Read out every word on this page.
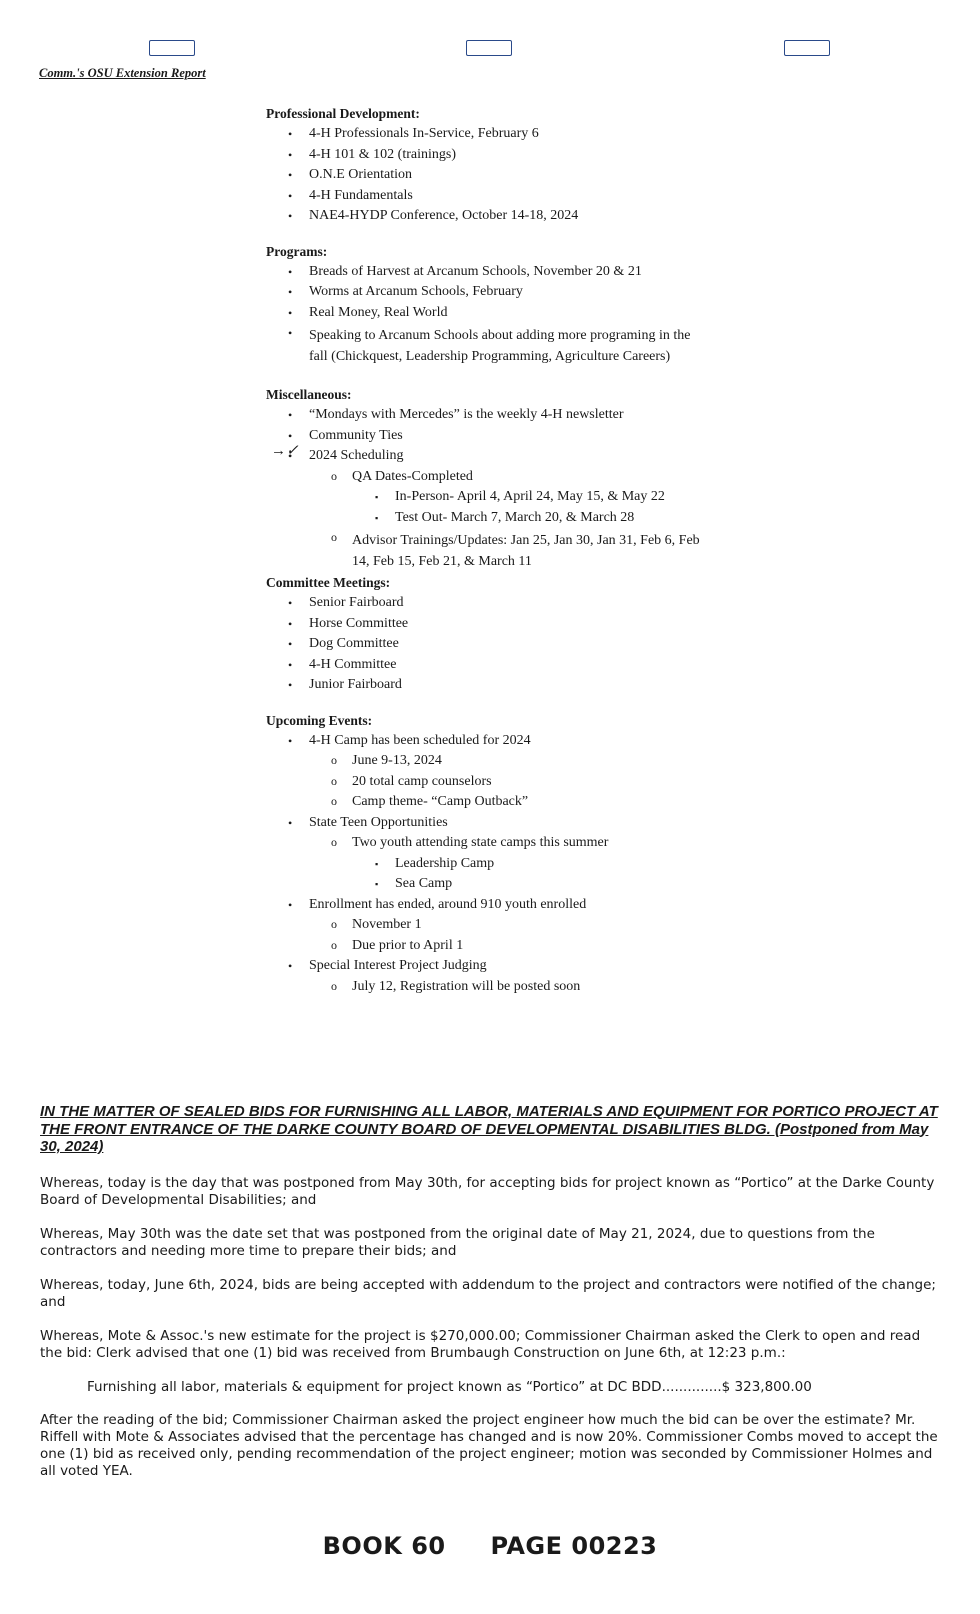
Comm.'s OSU Extension Report
→✓
Professional Development:
• 4-H Professionals In-Service, February 6
• 4-H 101 & 102 (trainings)
• O.N.E Orientation
• 4-H Fundamentals
• NAE4-HYDP Conference, October 14-18, 2024
Programs:
• Breads of Harvest at Arcanum Schools, November 20 & 21
• Worms at Arcanum Schools, February
• Real Money, Real World
• Speaking to Arcanum Schools about adding more programing in the fall (Chickquest, Leadership Programming, Agriculture Careers)
Miscellaneous:
• “Mondays with Mercedes” is the weekly 4-H newsletter
• Community Ties
• 2024 Scheduling
o QA Dates-Completed
▪ In-Person- April 4, April 24, May 15, & May 22
▪ Test Out- March 7, March 20, & March 28
o Advisor Trainings/Updates: Jan 25, Jan 30, Jan 31, Feb 6, Feb 14, Feb 15, Feb 21, & March 11
Committee Meetings:
• Senior Fairboard
• Horse Committee
• Dog Committee
• 4-H Committee
• Junior Fairboard
Upcoming Events:
• 4-H Camp has been scheduled for 2024
o June 9-13, 2024
o 20 total camp counselors
o Camp theme- “Camp Outback”
• State Teen Opportunities
o Two youth attending state camps this summer
▪ Leadership Camp
▪ Sea Camp
• Enrollment has ended, around 910 youth enrolled
o November 1
o Due prior to April 1
• Special Interest Project Judging
o July 12, Registration will be posted soon
IN THE MATTER OF SEALED BIDS FOR FURNISHING ALL LABOR, MATERIALS AND EQUIPMENT FOR PORTICO PROJECT AT THE FRONT ENTRANCE OF THE DARKE COUNTY BOARD OF DEVELOPMENTAL DISABILITIES BLDG. (Postponed from May 30, 2024)
Whereas, today is the day that was postponed from May 30th, for accepting bids for project known as “Portico” at the Darke County Board of Developmental Disabilities; and
Whereas, May 30th was the date set that was postponed from the original date of May 21, 2024, due to questions from the contractors and needing more time to prepare their bids; and
Whereas, today, June 6th, 2024, bids are being accepted with addendum to the project and contractors were notified of the change; and
Whereas, Mote & Assoc.'s new estimate for the project is $270,000.00; Commissioner Chairman asked the Clerk to open and read the bid: Clerk advised that one (1) bid was received from Brumbaugh Construction on June 6th, at 12:23 p.m.:
Furnishing all labor, materials & equipment for project known as “Portico” at DC BDD..............$ 323,800.00
After the reading of the bid; Commissioner Chairman asked the project engineer how much the bid can be over the estimate? Mr. Riffell with Mote & Associates advised that the percentage has changed and is now 20%. Commissioner Combs moved to accept the one (1) bid as received only, pending recommendation of the project engineer; motion was seconded by Commissioner Holmes and all voted YEA.
BOOK 60 PAGE 00223
